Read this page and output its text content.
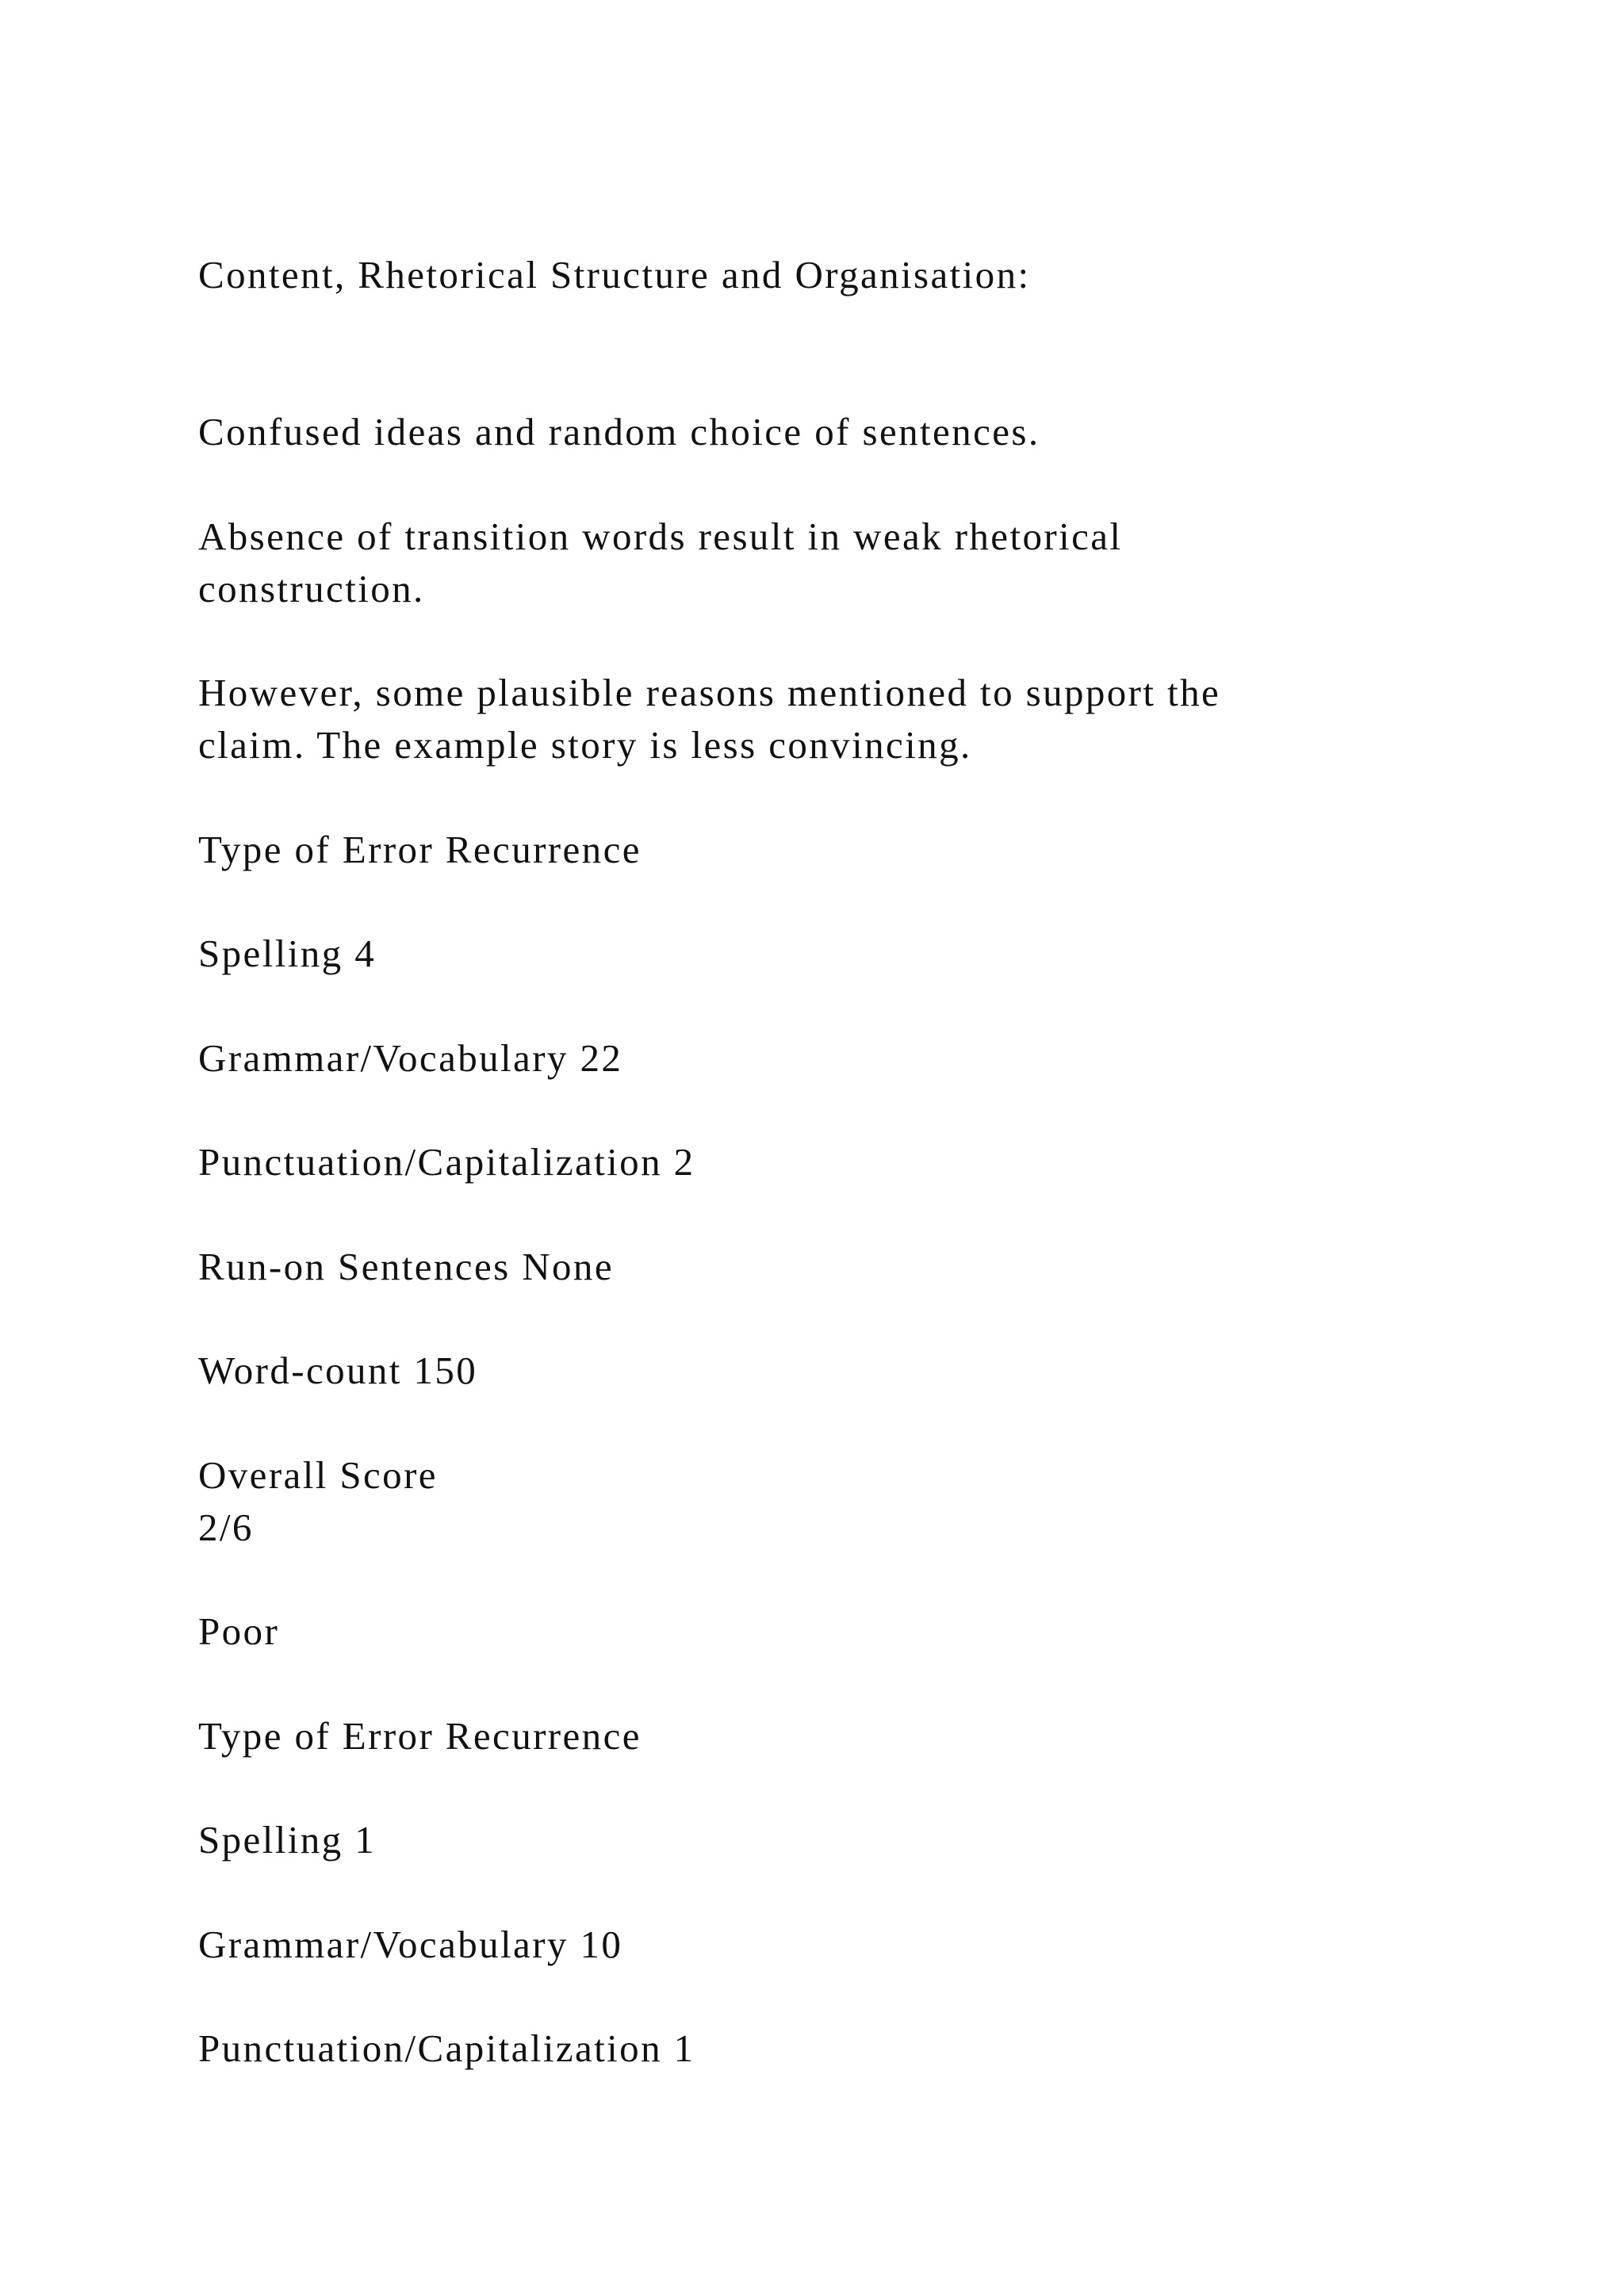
Content, Rhetorical Structure and Organisation:

Confused ideas and random choice of sentences.

Absence of transition words result in weak rhetorical

construction.

However, some plausible reasons mentioned to support the

claim. The example story is less convincing.

Type of Error Recurrence

Spelling 4

Grammar/Vocabulary 22

Punctuation/Capitalization 2

Run-on Sentences None

Word-count 150

Overall Score

2/6

Poor

Type of Error Recurrence

Spelling 1

Grammar/Vocabulary 10

Punctuation/Capitalization 1
